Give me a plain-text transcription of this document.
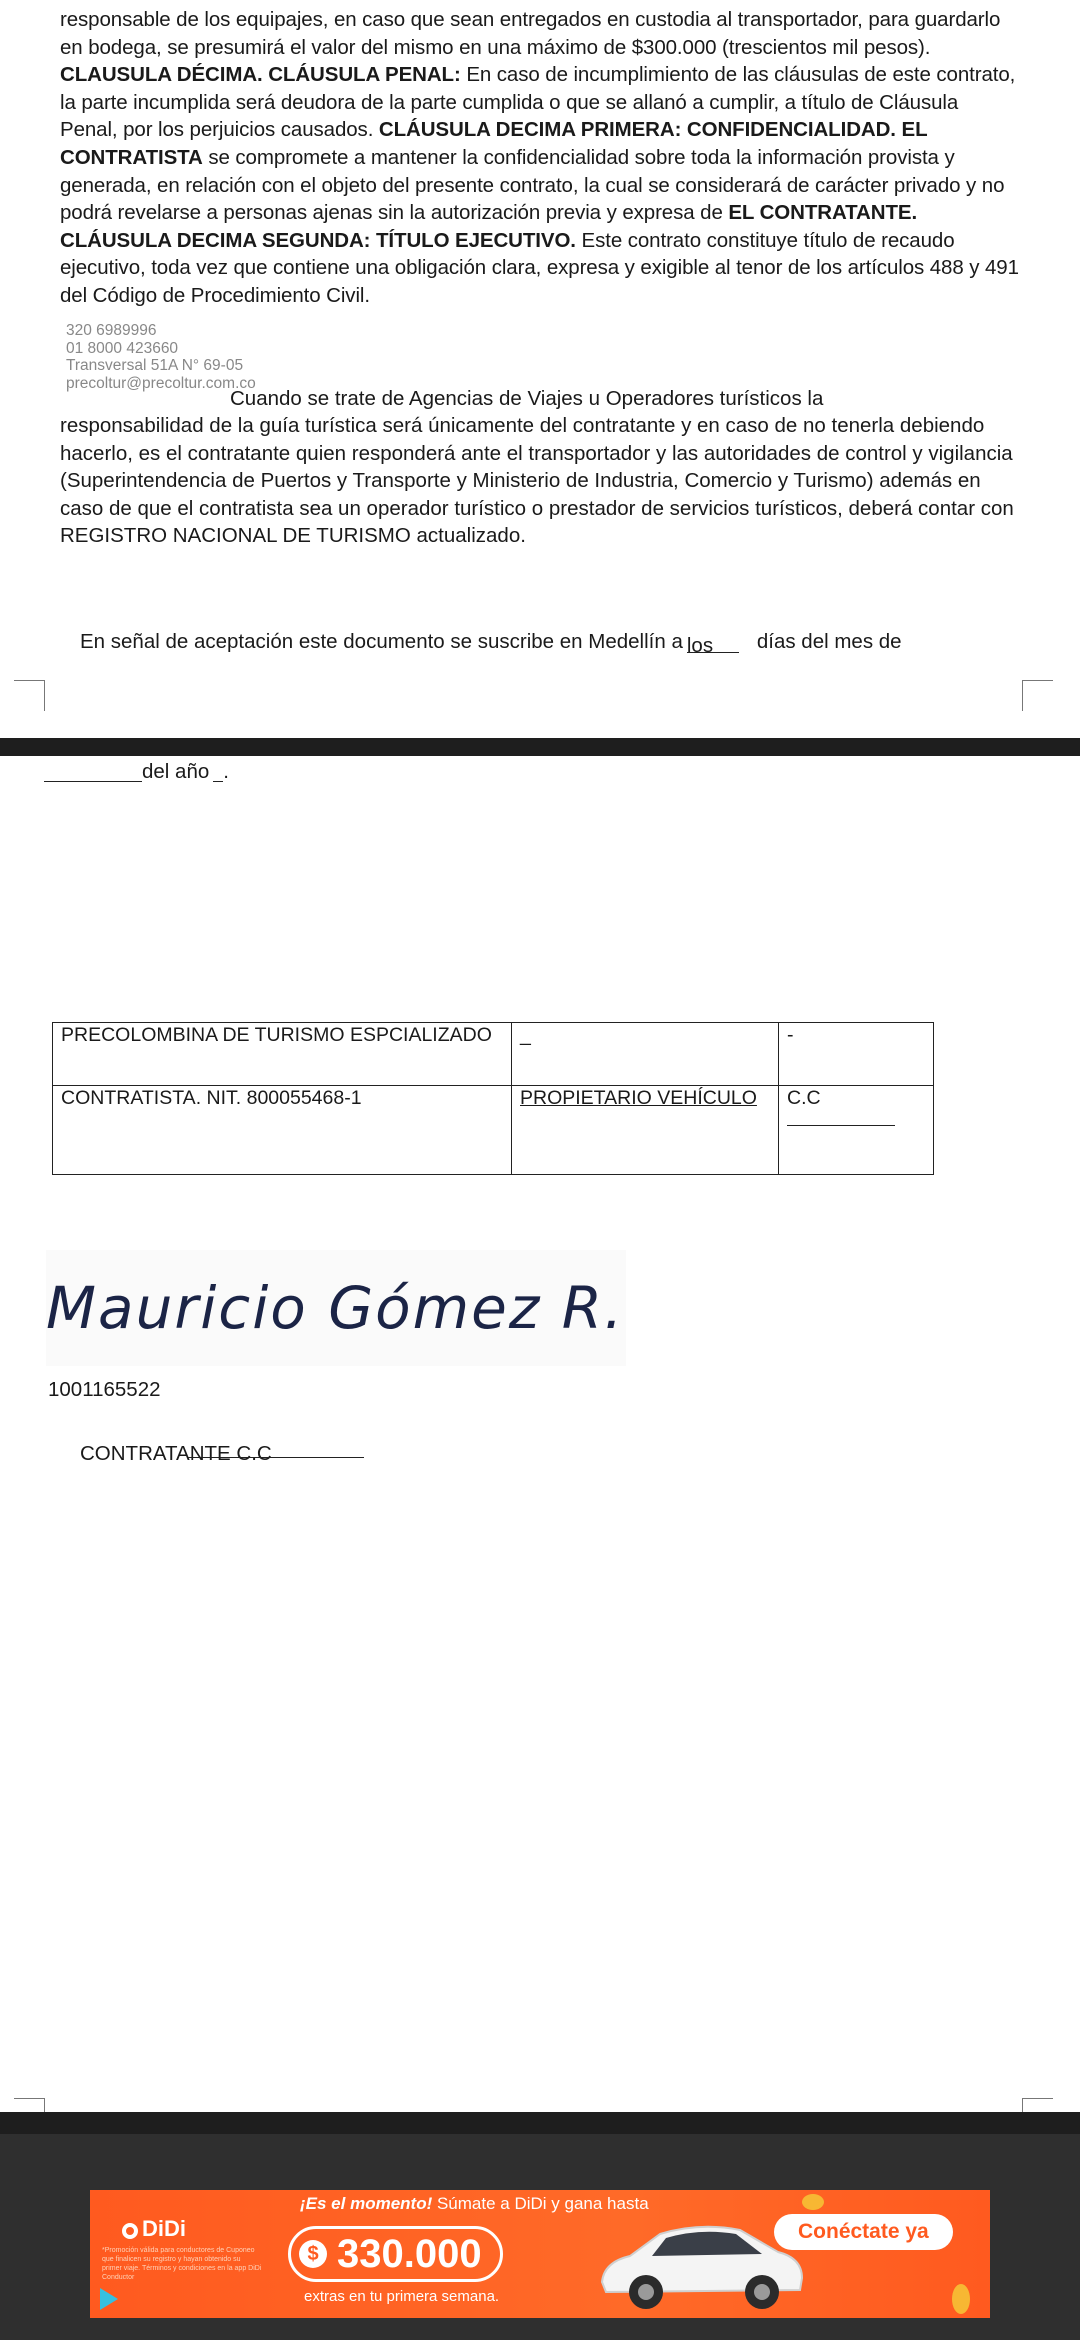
responsable de los equipajes, en caso que sean entregados en custodia al transportador, para guardarlo en bodega, se presumirá el valor del mismo en una máximo de $300.000 (trescientos mil pesos). CLAUSULA DÉCIMA. CLÁUSULA PENAL: En caso de incumplimiento de las cláusulas de este contrato, la parte incumplida será deudora de la parte cumplida o que se allanó a cumplir, a título de Cláusula Penal, por los perjuicios causados. CLÁUSULA DECIMA PRIMERA: CONFIDENCIALIDAD. EL CONTRATISTA se compromete a mantener la confidencialidad sobre toda la información provista y generada, en relación con el objeto del presente contrato, la cual se considerará de carácter privado y no podrá revelarse a personas ajenas sin la autorización previa y expresa de EL CONTRATANTE. CLÁUSULA DECIMA SEGUNDA: TÍTULO EJECUTIVO. Este contrato constituye título de recaudo ejecutivo, toda vez que contiene una obligación clara, expresa y exigible al tenor de los artículos 488 y 491 del Código de Procedimiento Civil.
320 6989996
01 8000 423660
Transversal 51A N° 69-05
precoltur@precoltur.com.co
Cuando se trate de Agencias de Viajes u Operadores turísticos la
responsabilidad de la guía turística será únicamente del contratante y en caso de no tenerla debiendo hacerlo, es el contratante quien responderá ante el transportador y las autoridades de control y vigilancia (Superintendencia de Puertos y Transporte y Ministerio de Industria, Comercio y Turismo) además en caso de que el contratista sea un operador turístico o prestador de servicios turísticos, deberá contar con REGISTRO NACIONAL DE TURISMO actualizado.
En señal de aceptación este documento se suscribe en Medellín a los días del mes de
del año .
PRECOLOMBINA DE TURISMO ESPCIALIZADO	_	-
CONTRATISTA. NIT. 800055468-1	PROPIETARIO VEHÍCULO	C.C
Mauricio Gómez R.
1001165522
CONTRATANTE C.C
DiDi
*Promoción válida para conductores de Cuponeo que finalicen su registro y hayan obtenido su primer viaje. Términos y condiciones en la app DiDi Conductor
¡Es el momento! Súmate a DiDi y gana hasta
$ 330.000
extras en tu primera semana.
Conéctate ya
